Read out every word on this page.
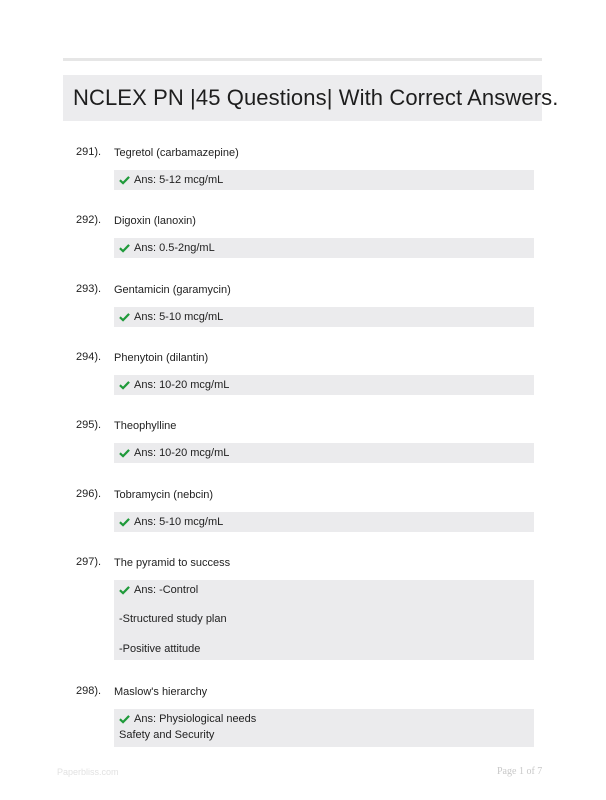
NCLEX PN |45 Questions| With Correct Answers.
291). Tegretol (carbamazepine)
Ans: 5-12 mcg/mL
292). Digoxin (lanoxin)
Ans: 0.5-2ng/mL
293). Gentamicin (garamycin)
Ans: 5-10 mcg/mL
294). Phenytoin (dilantin)
Ans: 10-20 mcg/mL
295). Theophylline
Ans: 10-20 mcg/mL
296). Tobramycin (nebcin)
Ans: 5-10 mcg/mL
297). The pyramid to success
Ans: -Control
-Structured study plan
-Positive attitude
298). Maslow's hierarchy
Ans: Physiological needs
Safety and Security
Paperbliss.com	Page 1 of 7
